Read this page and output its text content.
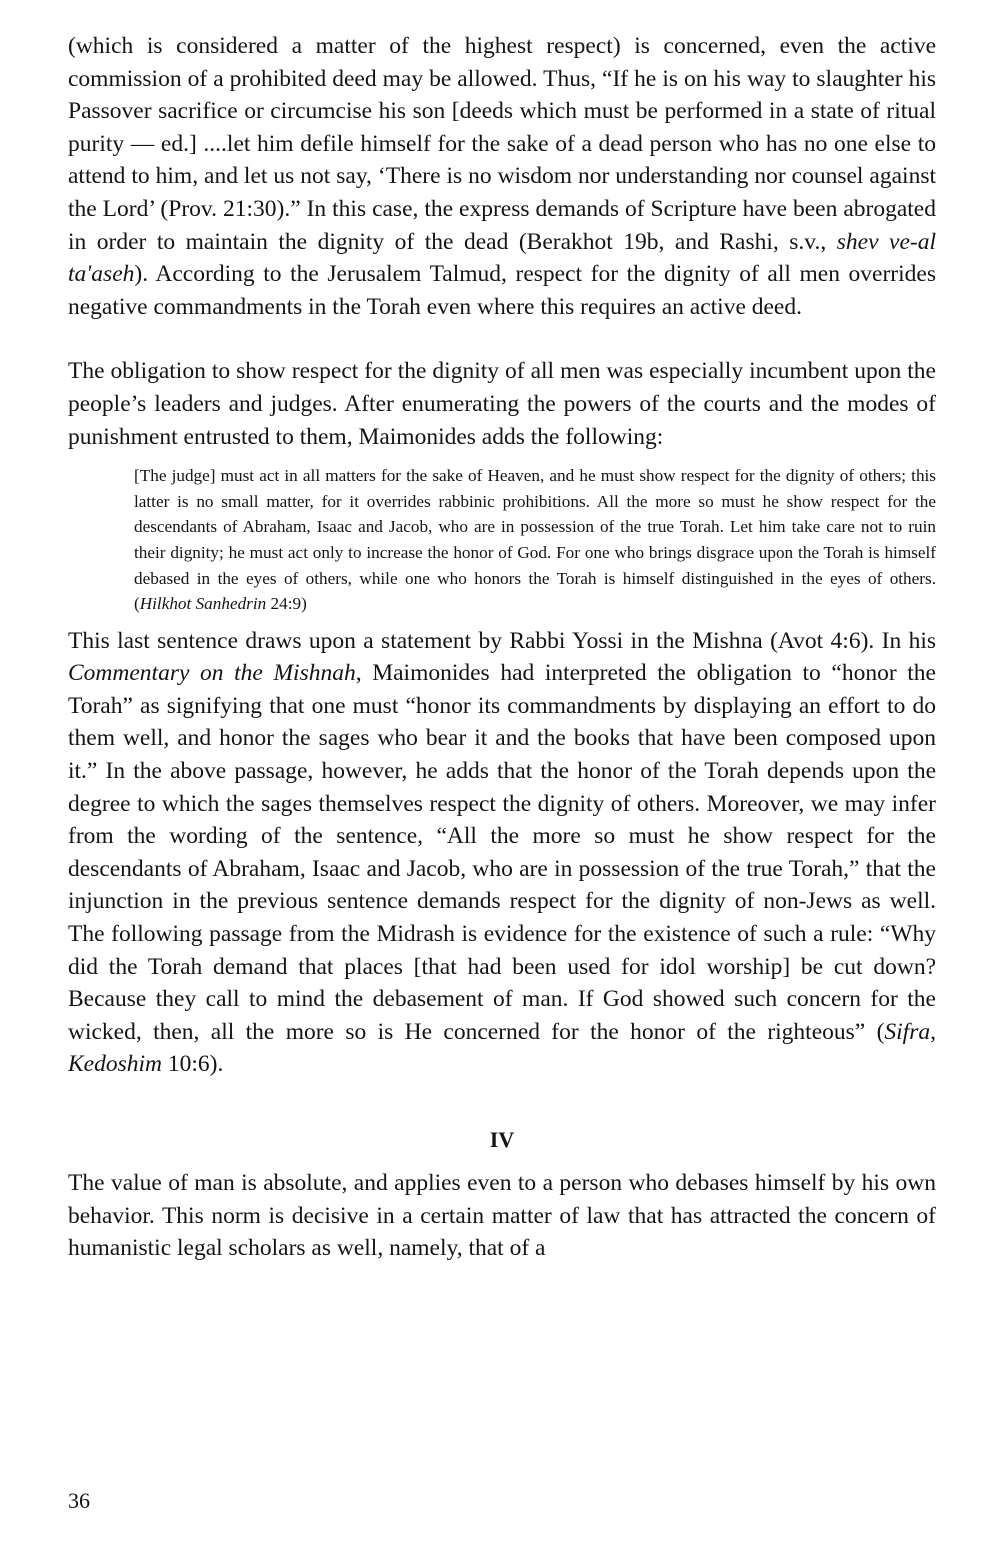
(which is considered a matter of the highest respect) is concerned, even the active commission of a prohibited deed may be allowed. Thus, “If he is on his way to slaughter his Passover sacrifice or circumcise his son [deeds which must be performed in a state of ritual purity — ed.] ....let him defile himself for the sake of a dead person who has no one else to attend to him, and let us not say, ‘There is no wisdom nor understanding nor counsel against the Lord’ (Prov. 21:30).” In this case, the express demands of Scripture have been abrogated in order to maintain the dignity of the dead (Berakhot 19b, and Rashi, s.v., shev ve-al ta'aseh). According to the Jerusalem Talmud, respect for the dignity of all men overrides negative commandments in the Torah even where this requires an active deed.

The obligation to show respect for the dignity of all men was especially incumbent upon the people’s leaders and judges. After enumerating the powers of the courts and the modes of punishment entrusted to them, Maimonides adds the following:

[The judge] must act in all matters for the sake of Heaven, and he must show respect for the dignity of others; this latter is no small matter, for it overrides rabbinic prohibitions. All the more so must he show respect for the descendants of Abraham, Isaac and Jacob, who are in possession of the true Torah. Let him take care not to ruin their dignity; he must act only to increase the honor of God. For one who brings disgrace upon the Torah is himself debased in the eyes of others, while one who honors the Torah is himself distinguished in the eyes of others. (Hilkhot Sanhedrin 24:9)

This last sentence draws upon a statement by Rabbi Yossi in the Mishna (Avot 4:6). In his Commentary on the Mishnah, Maimonides had interpreted the obligation to “honor the Torah” as signifying that one must “honor its commandments by displaying an effort to do them well, and honor the sages who bear it and the books that have been composed upon it.” In the above passage, however, he adds that the honor of the Torah depends upon the degree to which the sages themselves respect the dignity of others. Moreover, we may infer from the wording of the sentence, “All the more so must he show respect for the descendants of Abraham, Isaac and Jacob, who are in possession of the true Torah,” that the injunction in the previous sentence demands respect for the dignity of non-Jews as well. The following passage from the Midrash is evidence for the existence of such a rule: “Why did the Torah demand that places [that had been used for idol worship] be cut down? Because they call to mind the debasement of man. If God showed such concern for the wicked, then, all the more so is He concerned for the honor of the righteous” (Sifra, Kedoshim 10:6).

IV

The value of man is absolute, and applies even to a person who debases himself by his own behavior. This norm is decisive in a certain matter of law that has attracted the concern of humanistic legal scholars as well, namely, that of a

36
